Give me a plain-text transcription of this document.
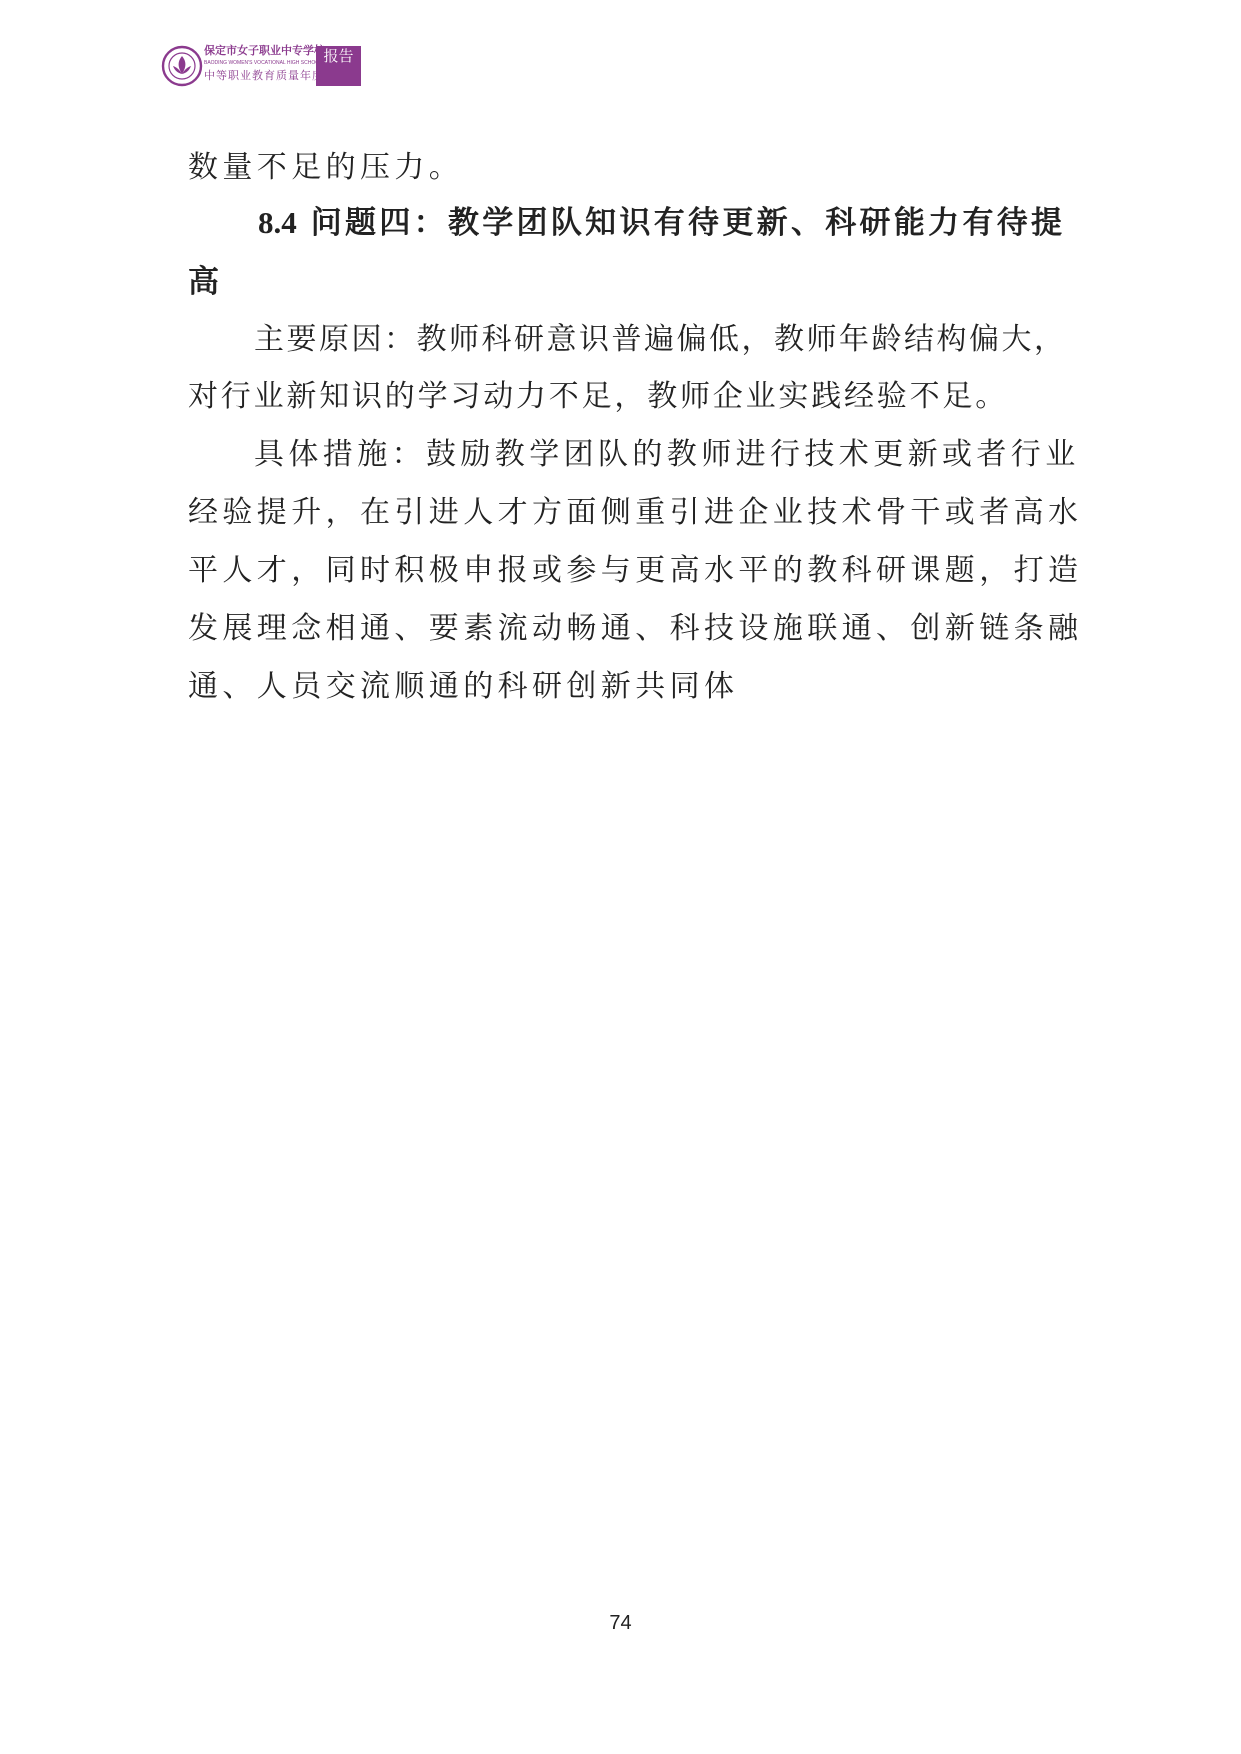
保定市女子职业中专学校
BAODING WOMEN'S VOCATIONAL HIGH SCHOOL
中等职业教育质量年度
报告
数量不足的压力。
8.4 问题四：教学团队知识有待更新、科研能力有待提
高
主要原因：教师科研意识普遍偏低，教师年龄结构偏大，
对行业新知识的学习动力不足，教师企业实践经验不足。
具体措施：鼓励教学团队的教师进行技术更新或者行业
经验提升，在引进人才方面侧重引进企业技术骨干或者高水
平人才，同时积极申报或参与更高水平的教科研课题，打造
发展理念相通、要素流动畅通、科技设施联通、创新链条融
通、人员交流顺通的科研创新共同体
74
